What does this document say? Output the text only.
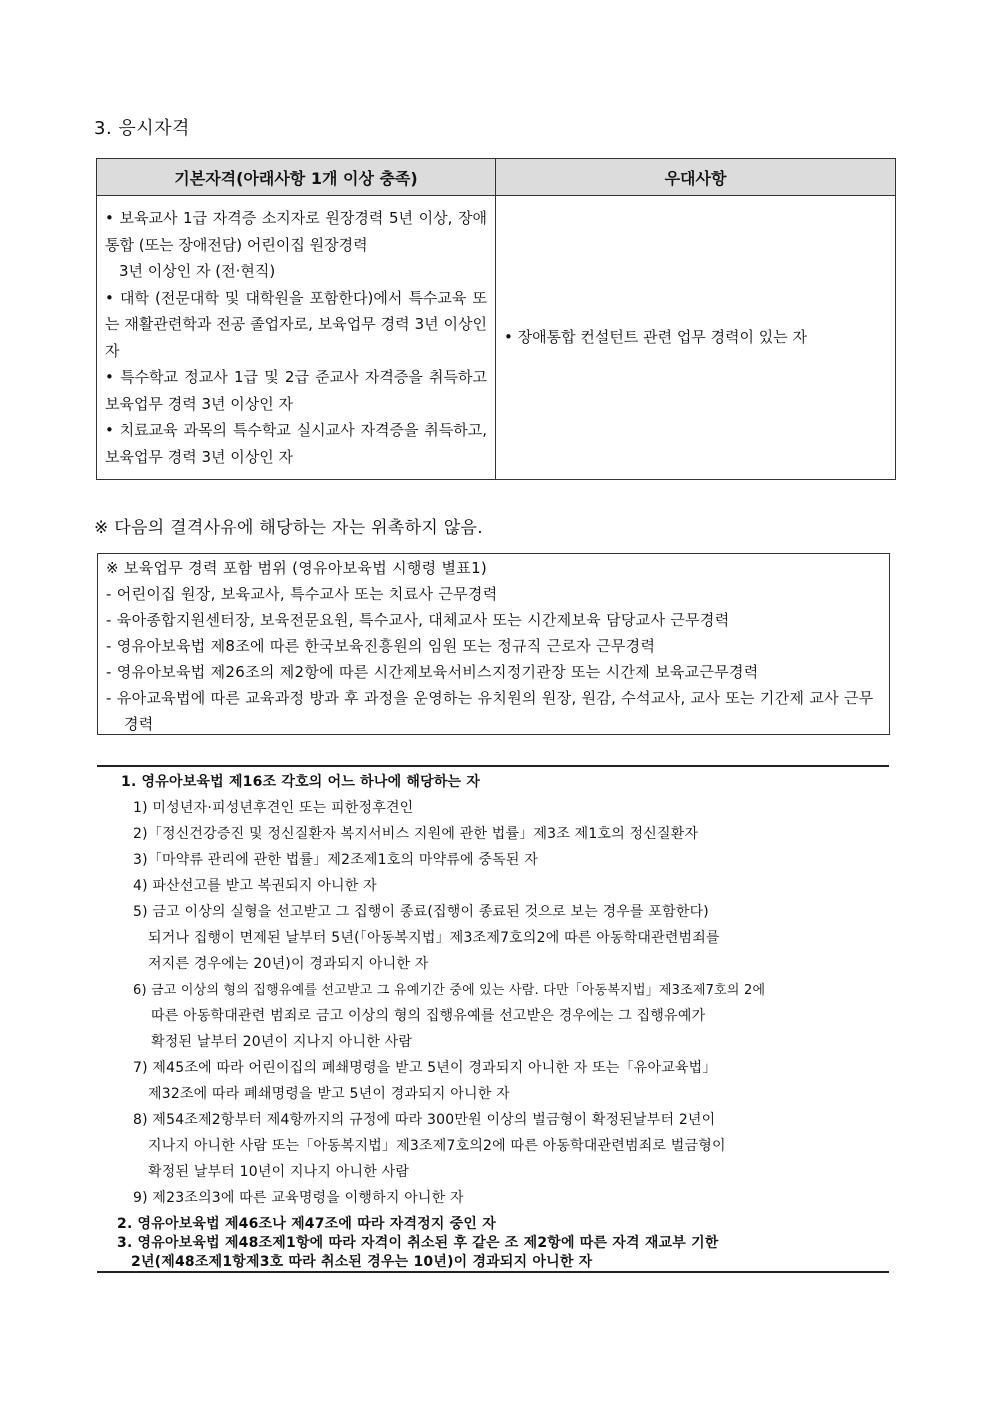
3. 응시자격
기본자격(아래사항 1개 이상 충족)	우대사항

• 보육교사 1급 자격증 소지자로 원장경력 5년 이상, 장애통합 (또는 장애전담) 어린이집 원장경력
3년 이상인 자 (전·현직)
• 대학 (전문대학 및 대학원을 포함한다)에서 특수교육 또는 재활관련학과 전공 졸업자로, 보육업무 경력 3년 이상인 자
• 특수학교 정교사 1급 및 2급 준교사 자격증을 취득하고 보육업무 경력 3년 이상인 자
• 치료교육 과목의 특수학교 실시교사 자격증을 취득하고, 보육업무 경력 3년 이상인 자	• 장애통합 컨설턴트 관련 업무 경력이 있는 자
※ 다음의 결격사유에 해당하는 자는 위촉하지 않음.
※ 보육업무 경력 포함 범위 (영유아보육법 시행령 별표1)
- 어린이집 원장, 보육교사, 특수교사 또는 치료사 근무경력
- 육아종합지원센터장, 보육전문요원, 특수교사, 대체교사 또는 시간제보육 담당교사 근무경력
- 영유아보육법 제8조에 따른 한국보육진흥원의 임원 또는 정규직 근로자 근무경력
- 영유아보육법 제26조의 제2항에 따른 시간제보육서비스지정기관장 또는 시간제 보육교근무경력
- 유아교육법에 따른 교육과정 방과 후 과정을 운영하는 유치원의 원장, 원감, 수석교사, 교사 또는 기간제 교사 근무경력
1. 영유아보육법 제16조 각호의 어느 하나에 해당하는 자
1) 미성년자·피성년후견인 또는 피한정후견인
2)「정신건강증진 및 정신질환자 복지서비스 지원에 관한 법률」제3조 제1호의 정신질환자
3)「마약류 관리에 관한 법률」제2조제1호의 마약류에 중독된 자
4) 파산선고를 받고 복권되지 아니한 자
5) 금고 이상의 실형을 선고받고 그 집행이 종료(집행이 종료된 것으로 보는 경우를 포함한다)
되거나 집행이 면제된 날부터 5년(「아동복지법」제3조제7호의2에 따른 아동학대관련범죄를
저지른 경우에는 20년)이 경과되지 아니한 자
6) 금고 이상의 형의 집행유예를 선고받고 그 유예기간 중에 있는 사람. 다만「아동복지법」제3조제7호의 2에
따른 아동학대관련 범죄로 금고 이상의 형의 집행유예를 선고받은 경우에는 그 집행유예가
확정된 날부터 20년이 지나지 아니한 사람
7) 제45조에 따라 어린이집의 폐쇄명령을 받고 5년이 경과되지 아니한 자 또는「유아교육법」
제32조에 따라 폐쇄명령을 받고 5년이 경과되지 아니한 자
8) 제54조제2항부터 제4항까지의 규정에 따라 300만원 이상의 벌금형이 확정된날부터 2년이
지나지 아니한 사람 또는「아동복지법」제3조제7호의2에 따른 아동학대관련범죄로 벌금형이
확정된 날부터 10년이 지나지 아니한 사람
9) 제23조의3에 따른 교육명령을 이행하지 아니한 자
2. 영유아보육법 제46조나 제47조에 따라 자격정지 중인 자
3. 영유아보육법 제48조제1항에 따라 자격이 취소된 후 같은 조 제2항에 따른 자격 재교부 기한
2년(제48조제1항제3호 따라 취소된 경우는 10년)이 경과되지 아니한 자
